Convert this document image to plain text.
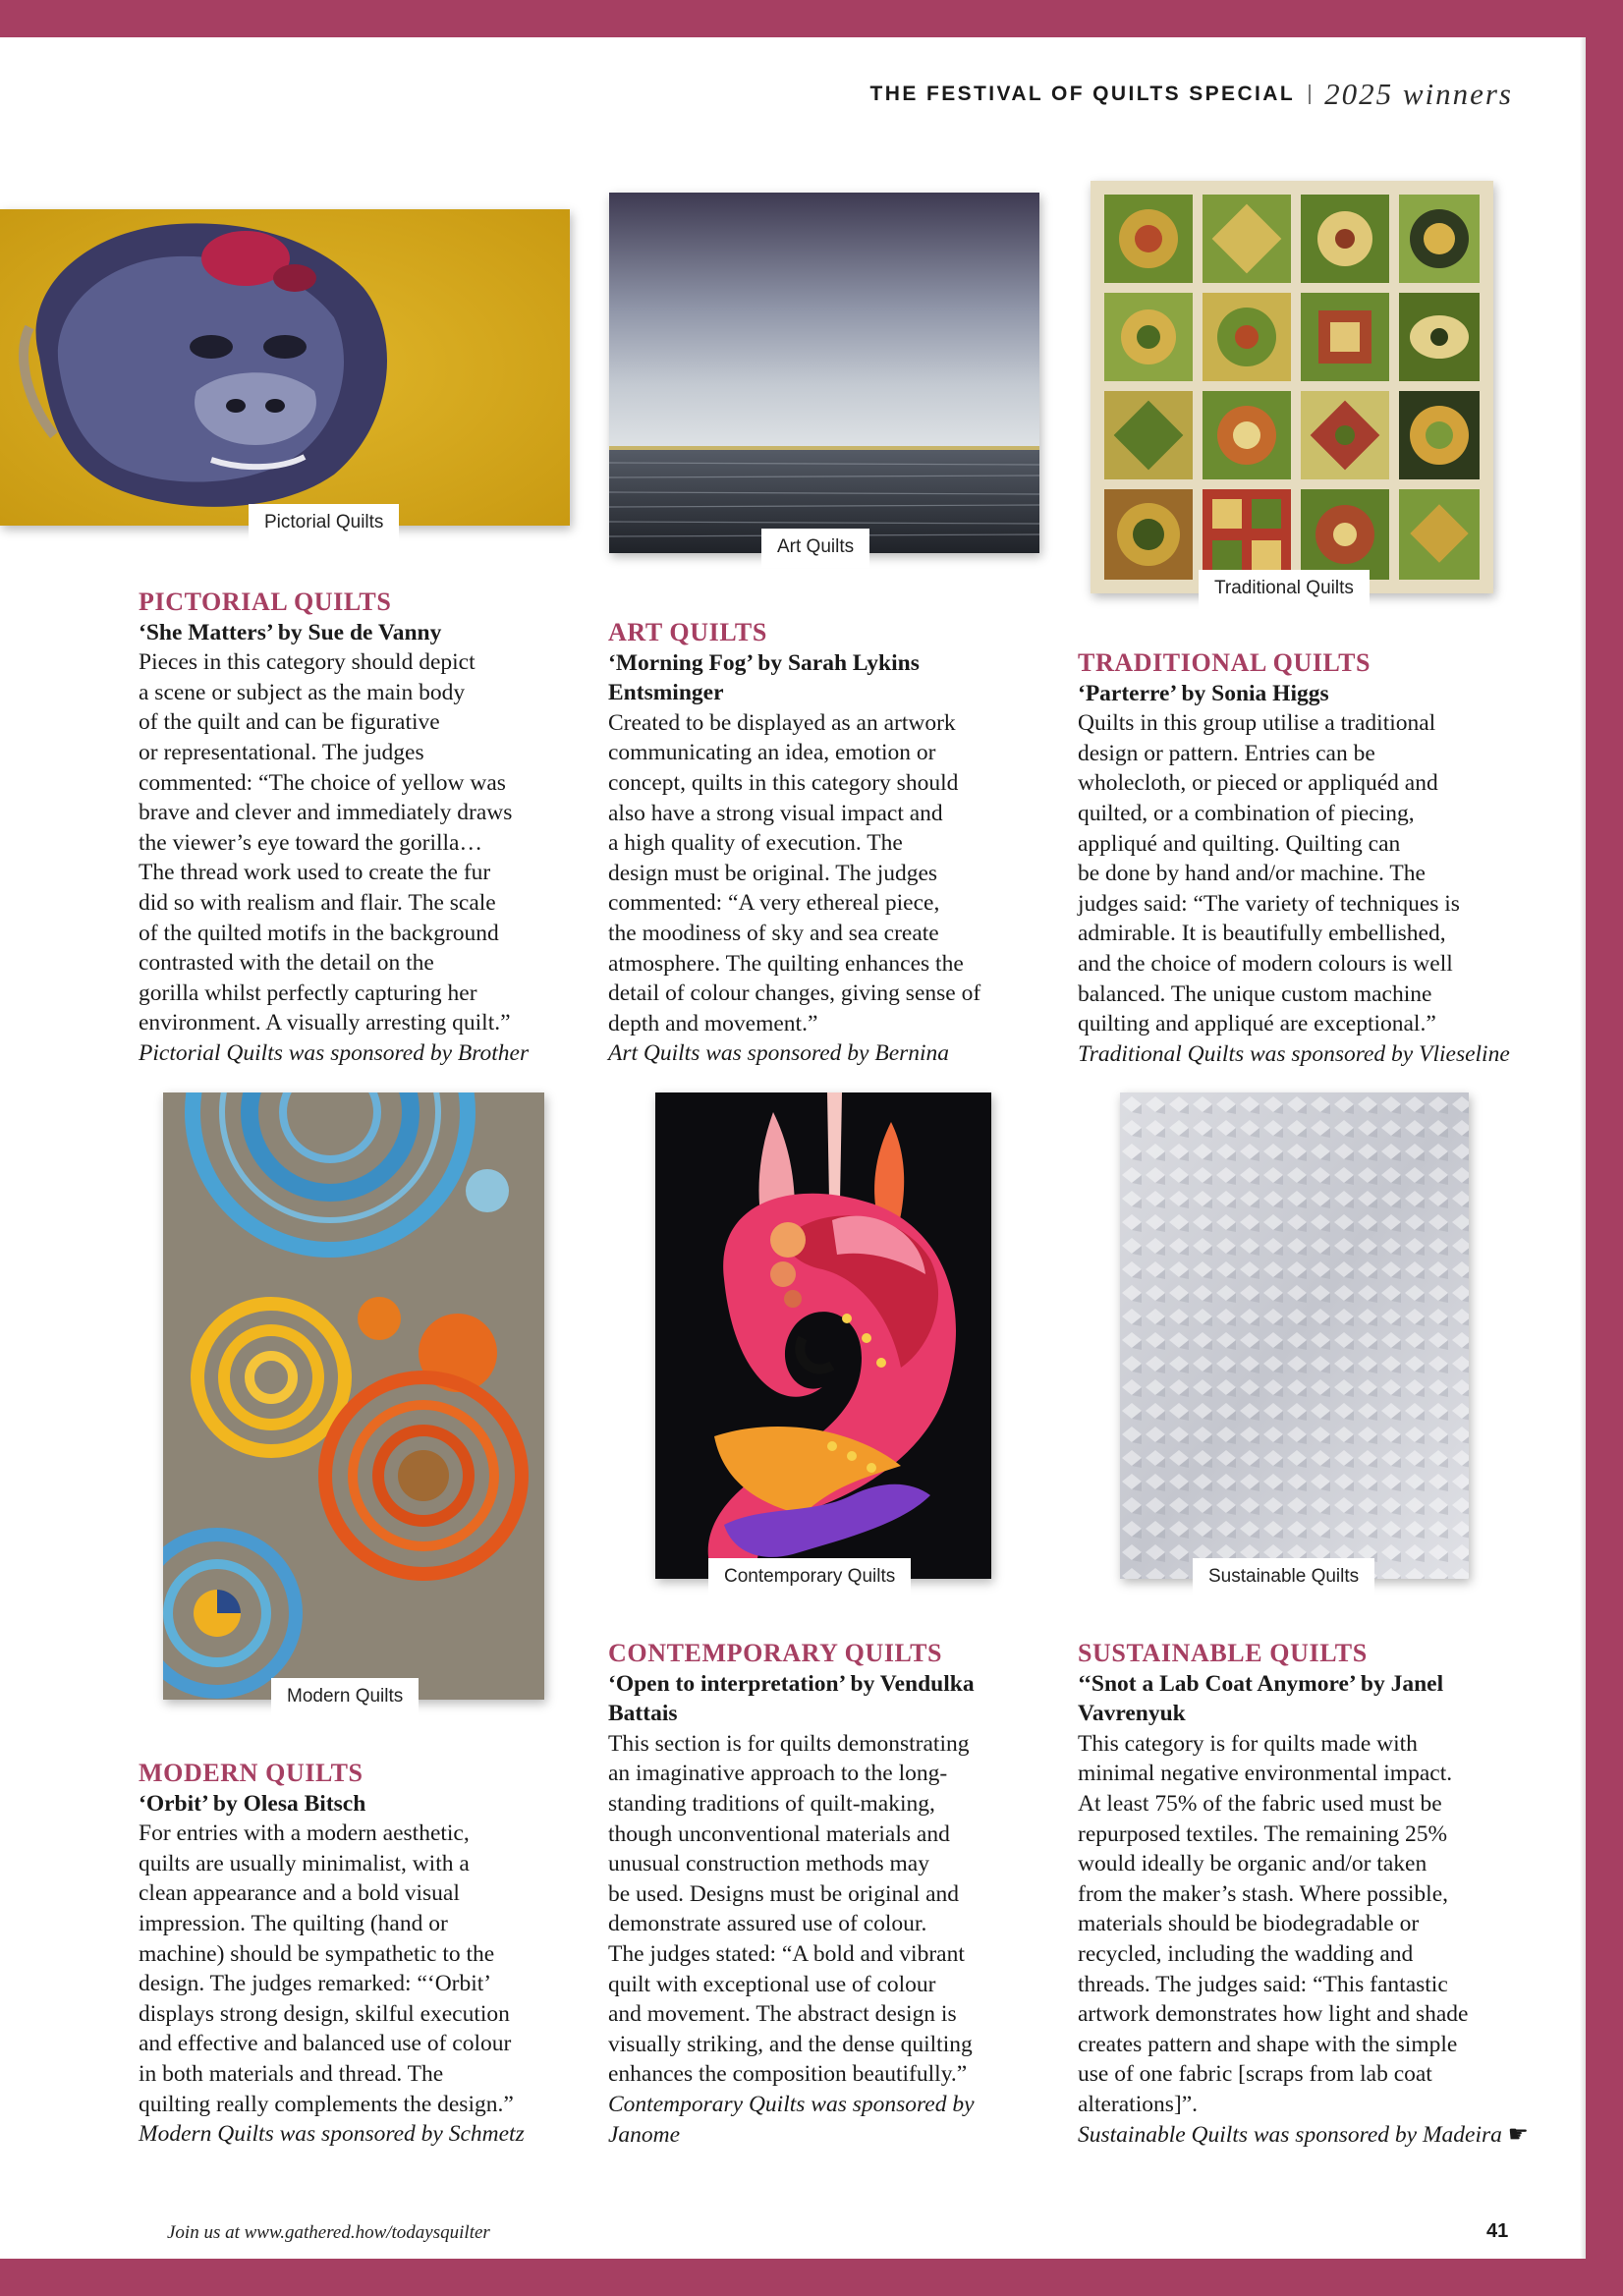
THE FESTIVAL OF QUILTS SPECIAL 2025 winners
Pictorial Quilts
Art Quilts
Traditional Quilts
Modern Quilts
Contemporary Quilts	Sustainable Quilts
PICTORIAL QUILTS
‘She Matters’ by Sue de Vanny
Pieces in this category should depict
a scene or subject as the main body
of the quilt and can be figurative
or representational. The judges
commented: “The choice of yellow was
brave and clever and immediately draws
the viewer’s eye toward the gorilla…
The thread work used to create the fur
did so with realism and flair. The scale
of the quilted motifs in the background
contrasted with the detail on the
gorilla whilst perfectly capturing her
environment. A visually arresting quilt.”
Pictorial Quilts was sponsored by Brother
ART QUILTS
‘Morning Fog’ by Sarah Lykins
Entsminger
Created to be displayed as an artwork
communicating an idea, emotion or
concept, quilts in this category should
also have a strong visual impact and
a high quality of execution. The
design must be original. The judges
commented: “A very ethereal piece,
the moodiness of sky and sea create
atmosphere. The quilting enhances the
detail of colour changes, giving sense of
depth and movement.”
Art Quilts was sponsored by Bernina
TRADITIONAL QUILTS
‘Parterre’ by Sonia Higgs
Quilts in this group utilise a traditional
design or pattern. Entries can be
wholecloth, or pieced or appliquéd and
quilted, or a combination of piecing,
appliqué and quilting. Quilting can
be done by hand and/or machine. The
judges said: “The variety of techniques is
admirable. It is beautifully embellished,
and the choice of modern colours is well
balanced. The unique custom machine
quilting and appliqué are exceptional.”
Traditional Quilts was sponsored by Vlieseline
MODERN QUILTS
‘Orbit’ by Olesa Bitsch
For entries with a modern aesthetic,
quilts are usually minimalist, with a
clean appearance and a bold visual
impression. The quilting (hand or
machine) should be sympathetic to the
design. The judges remarked: “‘Orbit’
displays strong design, skilful execution
and effective and balanced use of colour
in both materials and thread. The
quilting really complements the design.”
Modern Quilts was sponsored by Schmetz
CONTEMPORARY QUILTS
‘Open to interpretation’ by Vendulka
Battais
This section is for quilts demonstrating
an imaginative approach to the long-
standing traditions of quilt-making,
though unconventional materials and
unusual construction methods may
be used. Designs must be original and
demonstrate assured use of colour.
The judges stated: “A bold and vibrant
quilt with exceptional use of colour
and movement. The abstract design is
visually striking, and the dense quilting
enhances the composition beautifully.”
Contemporary Quilts was sponsored by
Janome
SUSTAINABLE QUILTS
‘‘Snot a Lab Coat Anymore’ by Janel
Vavrenyuk
This category is for quilts made with
minimal negative environmental impact.
At least 75% of the fabric used must be
repurposed textiles. The remaining 25%
would ideally be organic and/or taken
from the maker’s stash. Where possible,
materials should be biodegradable or
recycled, including the wadding and
threads. The judges said: “This fantastic
artwork demonstrates how light and shade
creates pattern and shape with the simple
use of one fabric [scraps from lab coat
alterations]”.
Sustainable Quilts was sponsored by Madeira ☛
Join us at www.gathered.how/todaysquilter	41
